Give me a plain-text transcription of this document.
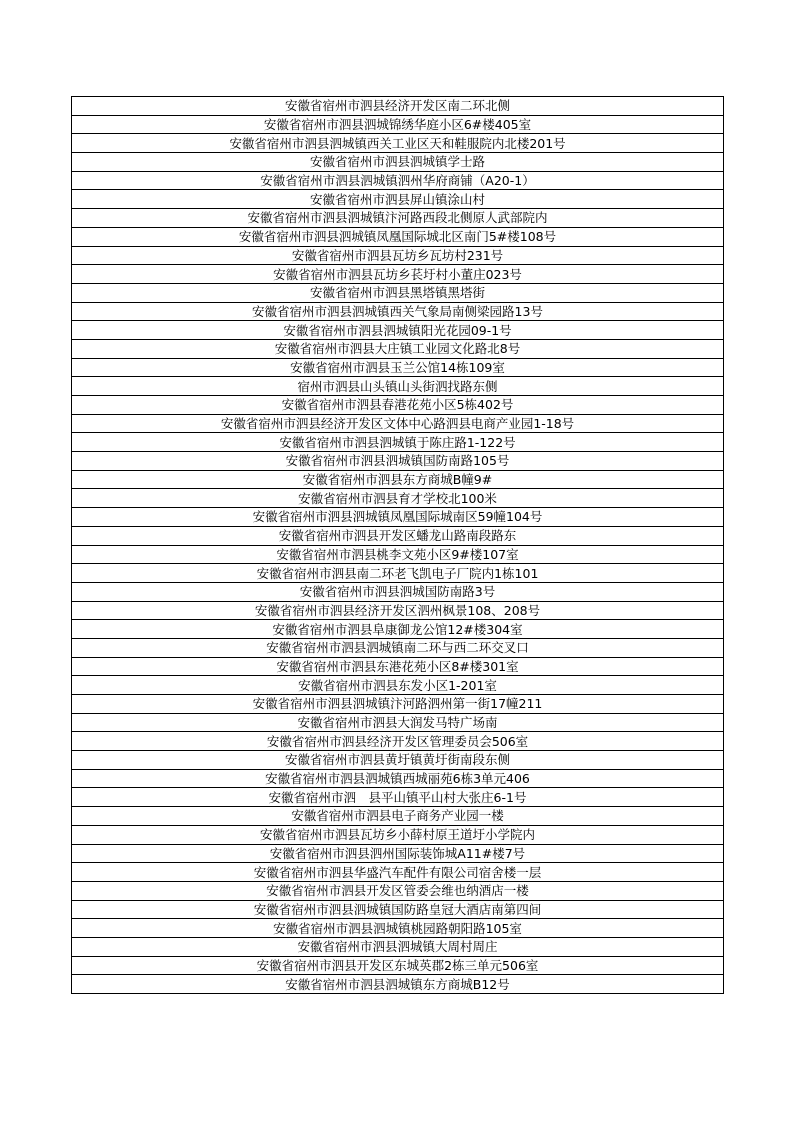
安徽省宿州市泗县经济开发区南二环北侧
安徽省宿州市泗县泗城锦绣华庭小区6#楼405室
安徽省宿州市泗县泗城镇西关工业区天和鞋服院内北楼201号
安徽省宿州市泗县泗城镇学士路
安徽省宿州市泗县泗城镇泗州华府商铺（A20-1）
安徽省宿州市泗县屏山镇涂山村
安徽省宿州市泗县泗城镇汴河路西段北侧原人武部院内
安徽省宿州市泗县泗城镇凤凰国际城北区南门5#楼108号
安徽省宿州市泗县瓦坊乡瓦坊村231号
安徽省宿州市泗县瓦坊乡苌圩村小董庄023号
安徽省宿州市泗县黑塔镇黑塔街
安徽省宿州市泗县泗城镇西关气象局南侧梁园路13号
安徽省宿州市泗县泗城镇阳光花园09-1号
安徽省宿州市泗县大庄镇工业园文化路北8号
安徽省宿州市泗县玉兰公馆14栋109室
宿州市泗县山头镇山头街泗找路东侧
安徽省宿州市泗县春港花苑小区5栋402号
安徽省宿州市泗县经济开发区文体中心路泗县电商产业园1-18号
安徽省宿州市泗县泗城镇于陈庄路1-122号
安徽省宿州市泗县泗城镇国防南路105号
安徽省宿州市泗县东方商城B幢9#
安徽省宿州市泗县育才学校北100米
安徽省宿州市泗县泗城镇凤凰国际城南区59幢104号
安徽省宿州市泗县开发区蟠龙山路南段路东
安徽省宿州市泗县桃李文苑小区9#楼107室
安徽省宿州市泗县南二环老飞凯电子厂院内1栋101
安徽省宿州市泗县泗城国防南路3号
安徽省宿州市泗县经济开发区泗州枫景108、208号
安徽省宿州市泗县阜康御龙公馆12#楼304室
安徽省宿州市泗县泗城镇南二环与西二环交叉口
安徽省宿州市泗县东港花苑小区8#楼301室
安徽省宿州市泗县东发小区1-201室
安徽省宿州市泗县泗城镇汴河路泗州第一街17幢211
安徽省宿州市泗县大润发马特广场南
安徽省宿州市泗县经济开发区管理委员会506室
安徽省宿州市泗县黄圩镇黄圩街南段东侧
安徽省宿州市泗县泗城镇西城丽苑6栋3单元406
安徽省宿州市泗　县平山镇平山村大张庄6-1号
安徽省宿州市泗县电子商务产业园一楼
安徽省宿州市泗县瓦坊乡小薛村原王道圩小学院内
安徽省宿州市泗县泗州国际装饰城A11#楼7号
安徽省宿州市泗县华盛汽车配件有限公司宿舍楼一层
安徽省宿州市泗县开发区管委会维也纳酒店一楼
安徽省宿州市泗县泗城镇国防路皇冠大酒店南第四间
安徽省宿州市泗县泗城镇桃园路朝阳路105室
安徽省宿州市泗县泗城镇大周村周庄
安徽省宿州市泗县开发区东城英郡2栋三单元506室
安徽省宿州市泗县泗城镇东方商城B12号
